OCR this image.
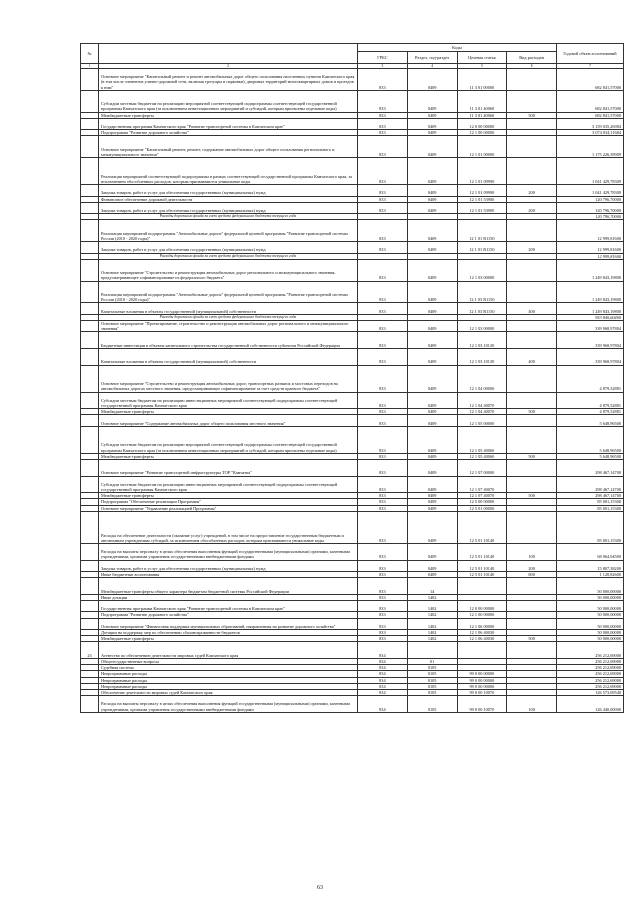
№		Коды				Годовой объем ассигнований
		ГРБС	Раздел, под-раздел	Целевая статья	Вид расходов	
1	2	3	4	5	6	7
	Основное мероприятие "Капитальный ремонт и ремонт автомобильных дорог общего пользования населенных пунктов Камчатского края (в том числе элементов улично-дорожной сети, включая тротуары и парковки), дворовых территорий многоквартирных домов и проездов к ним"	833	0409	11 3 01 00000		682 841,57000
	Субсидии местным бюджетам на реализацию мероприятий соответствующей подпрограммы соответствующей государственной программы Камчатского края (за исключением инвестиционных мероприятий и субсидий, которым присвоены отдельные коды)	833	0409	11 3 01 40060		682 841,57000
	Межбюджетные трансферты	833	0409	11 3 01 40060	500	682 841,57000
	Государственная программа Камчатского края "Развитие транспортной системы в Камчатском крае"	833	0409	12 0 00 00000		3 159 035,26984
	Подпрограмма "Развитие дорожного хозяйства"	833	0409	12 1 00 00000		3 074 034,11684
	Основное мероприятие "Капитальный ремонт, ремонт, содержание автомобильных дорог общего пользования регионального и межмуниципального значения"	833	0409	12 1 01 00000		1 175 226,39909
	Реализация мероприятий соответствующей подпрограммы в рамках соответствующей государственной программы Камчатского края, за исключением обособленных расходов, которым присваиваются уникальные коды	833	0409	12 1 01 09990		1 041 429,78309
	Закупка товаров, работ и услуг для обеспечения государственных (муниципальных) нужд	833	0409	12 1 01 09990	200	1 041 429,78309
	Финансовое обеспечение дорожной деятельности	833	0409	12 1 01 53900		120 796,70000
	Закупка товаров, работ и услуг для обеспечения государственных (муниципальных) нужд	833	0409	12 1 01 53900	200	120 796,70000
	Расходы дорожного фонда за счет средств федерального бюджета текущего года					120 796,70000
	Реализация мероприятий подпрограммы "Автомобильные дороги" федеральной целевой программы "Развитие транспортной системы России (2010 - 2020 годы)"	833	0409	12 1 01 R1150		12 999,81600
	Закупка товаров, работ и услуг для обеспечения государственных (муниципальных) нужд	833	0409	12 1 01 R1150	200	12 999,81600
	Расходы дорожного фонда за счет средств федерального бюджета текущего года					12 999,81600
	Основное мероприятие "Строительство и реконструкция автомобильных дорог регионального и межмуниципального значения, предусматривающее софинансирование из федерального бюджета"	833	0409	12 1 03 00000		1 249 843,19800
	Реализация мероприятий подпрограммы "Автомобильные дороги" федеральной целевой программы "Развитие транспортной системы России (2010 - 2020 годы)"	833	0409	12 1 03 R1150		1 249 843,19800
	Капитальные вложения в объекты государственной (муниципальной) собственности	833	0409	12 1 03 R1150	400	1 249 843,19800
	Расходы дорожного фонда за счет средств федерального бюджета текущего года					953 840,60400
	Основное мероприятие "Проектирование, строительство и реконструкция автомобильных дорог регионального и межмуниципального значения"	833	0409	12 1 03 00000		339 968,97804
	Бюджетные инвестиции в объекты капитального строительства государственной собственности субъектов Российской Федерации	833	0409	12 1 03 10130		339 968,97804
	Капитальные вложения в объекты государственной (муниципальной) собственности	833	0409	12 1 03 10130	400	339 968,97804
	Основное мероприятие "Строительство и реконструкция автомобильных дорог, транспортных развязок и мостовых переходов на автомобильных дорогах местного значения, предусматривающее софинансирование за счет средств краевого бюджета"	833	0409	12 1 04 00000		4 879,52881
	Субсидии местным бюджетам на реализацию инвестиционных мероприятий соответствующей подпрограммы соответствующей государственной программы Камчатского края	833	0409	12 1 04 40070		4 879,52881
	Межбюджетные трансферты	833	0409	12 1 04 40070	500	4 879,52881
	Основное мероприятие "Содержание автомобильных дорог общего пользования местного значения"	833	0409	12 1 05 00000		5 648,96500
	Субсидии местным бюджетам на реализацию мероприятий соответствующей подпрограммы соответствующей государственной программы Камчатского края (за исключением инвестиционных мероприятий и субсидий, которым присвоены отдельные коды)	833	0409	12 1 05 40060		5 648,96500
	Межбюджетные трансферты	833	0409	12 1 05 40060	500	5 648,96500
	Основное мероприятие "Развитие транспортной инфраструктуры ТОР "Камчатка"	833	0409	12 1 07 00000		298 467,14700
	Субсидии местным бюджетам на реализацию инвестиционных мероприятий соответствующей подпрограммы соответствующей государственной программы Камчатского края	833	0409	12 1 07 40070		298 467,14700
	Межбюджетные трансферты	833	0409	12 1 07 40070	500	298 467,14700
	Подпрограмма "Обеспечение реализации Программы"	833	0409	12 5 00 00000		85 001,15300
	Основное мероприятие "Управление реализацией Программы"	833	0409	12 5 01 00000		85 001,15300
	Расходы на обеспечение деятельности (оказание услуг) учреждений, в том числе на предоставление государственным бюджетным и автономным учреждениям субсидий, за исключением обособленных расходов, которым присваиваются уникальные коды	833	0409	12 5 01 10140		85 001,15300
	Расходы на выплаты персоналу в целях обеспечения выполнения функций государственными (муниципальными) органами, казенными учреждениями, органами управления государственными внебюджетными фондами	833	0409	12 5 01 10140	100	68 064,94500
	Закупка товаров, работ и услуг для обеспечения государственных (муниципальных) нужд	833	0409	12 5 01 10140	200	15 807,38200
	Иные бюджетные ассигнования	833	0409	12 5 01 10140	800	1 128,82600
	Межбюджетные трансферты общего характера бюджетам бюджетной системы Российской Федерации	833	14			50 000,00000
	Иные дотации	833	1402			50 000,00000
	Государственная программа Камчатского края "Развитие транспортной системы в Камчатском крае"	833	1402	12 0 00 00000		50 000,00000
	Подпрограмма "Развитие дорожного хозяйства"	833	1402	12 1 00 00000		50 000,00000
	Основное мероприятие "Финансовая поддержка муниципальных образований, направленная на развитие дорожного хозяйства"	833	1402	12 1 06 00000		50 000,00000
	Дотации на поддержку мер по обеспечению сбалансированности бюджетов	833	1402	12 1 06 40030		50 000,00000
	Межбюджетные трансферты	833	1402	12 1 06 40030	500	50 000,00000
23	Агентство по обеспечению деятельности мировых судей Камчатского края	834				256 212,69000
	Общегосударственные вопросы	834	01			256 212,69000
	Судебная система	834	0105			256 212,69000
	Непрограммные расходы	834	0105	99 0 00 00000		256 212,69000
	Непрограммные расходы	834	0105	99 0 00 00000		256 212,69000
	Непрограммные расходы	834	0105	99 0 00 00000		256 212,69000
	Обеспечение деятельности мировых судей Камчатского края	834	0105	99 0 00 10070		126 573,69540
	Расходы на выплаты персоналу в целях обеспечения выполнения функций государственными (муниципальными) органами, казенными учреждениями, органами управления государственными внебюджетными фондами	834	0105	99 0 00 10070	100	126 440,00000
63
